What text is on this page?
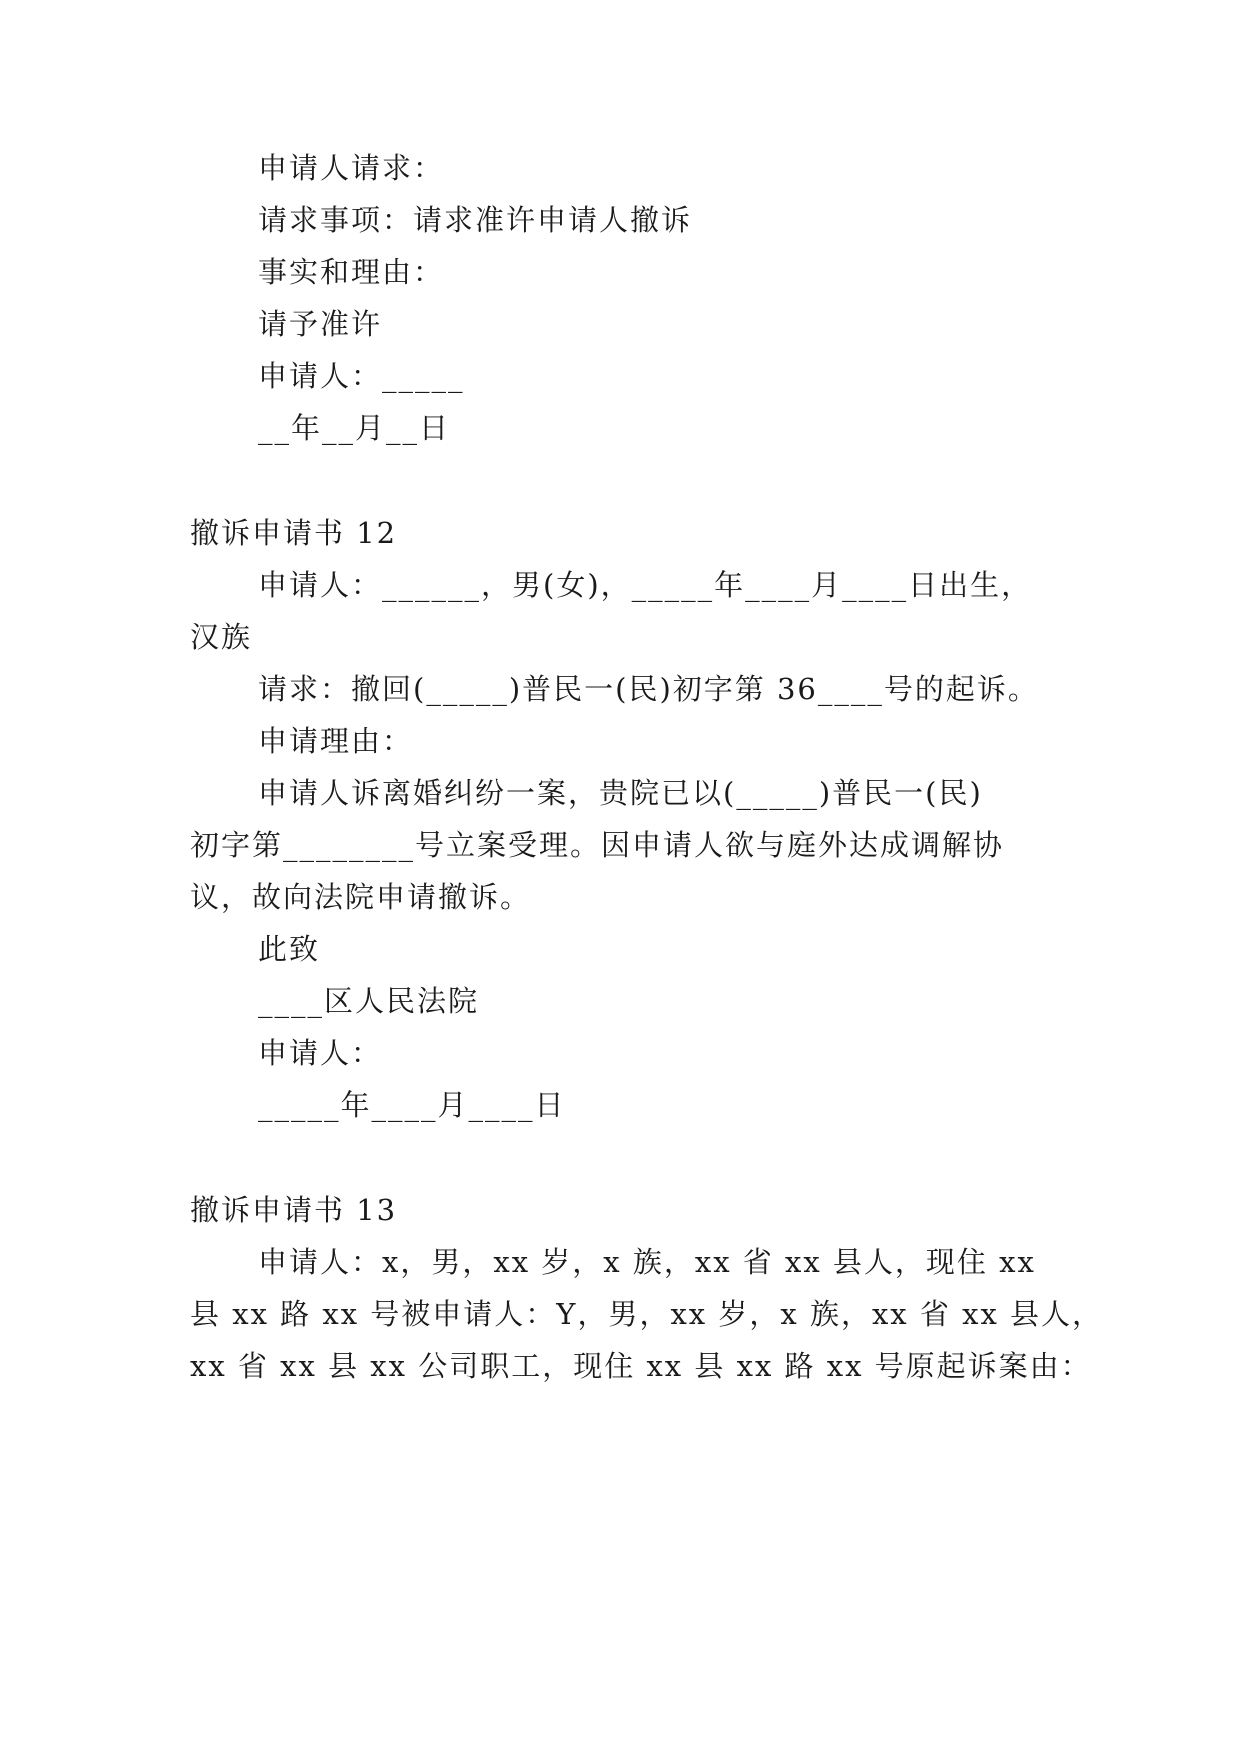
申请人请求：
请求事项：请求准许申请人撤诉
事实和理由：
请予准许
申请人：_____
__年__月__日
撤诉申请书 12
申请人：______，男(女)，_____年____月____日出生，
汉族
请求：撤回(_____)普民一(民)初字第 36____号的起诉。
申请理由：
申请人诉离婚纠纷一案，贵院已以(_____)普民一(民)
初字第________号立案受理。因申请人欲与庭外达成调解协
议，故向法院申请撤诉。
此致
____区人民法院
申请人：
_____年____月____日
撤诉申请书 13
申请人：x，男，xx 岁，x 族，xx 省 xx 县人，现住 xx
县 xx 路 xx 号被申请人：Y，男，xx 岁，x 族，xx 省 xx 县人，
xx 省 xx 县 xx 公司职工，现住 xx 县 xx 路 xx 号原起诉案由：
